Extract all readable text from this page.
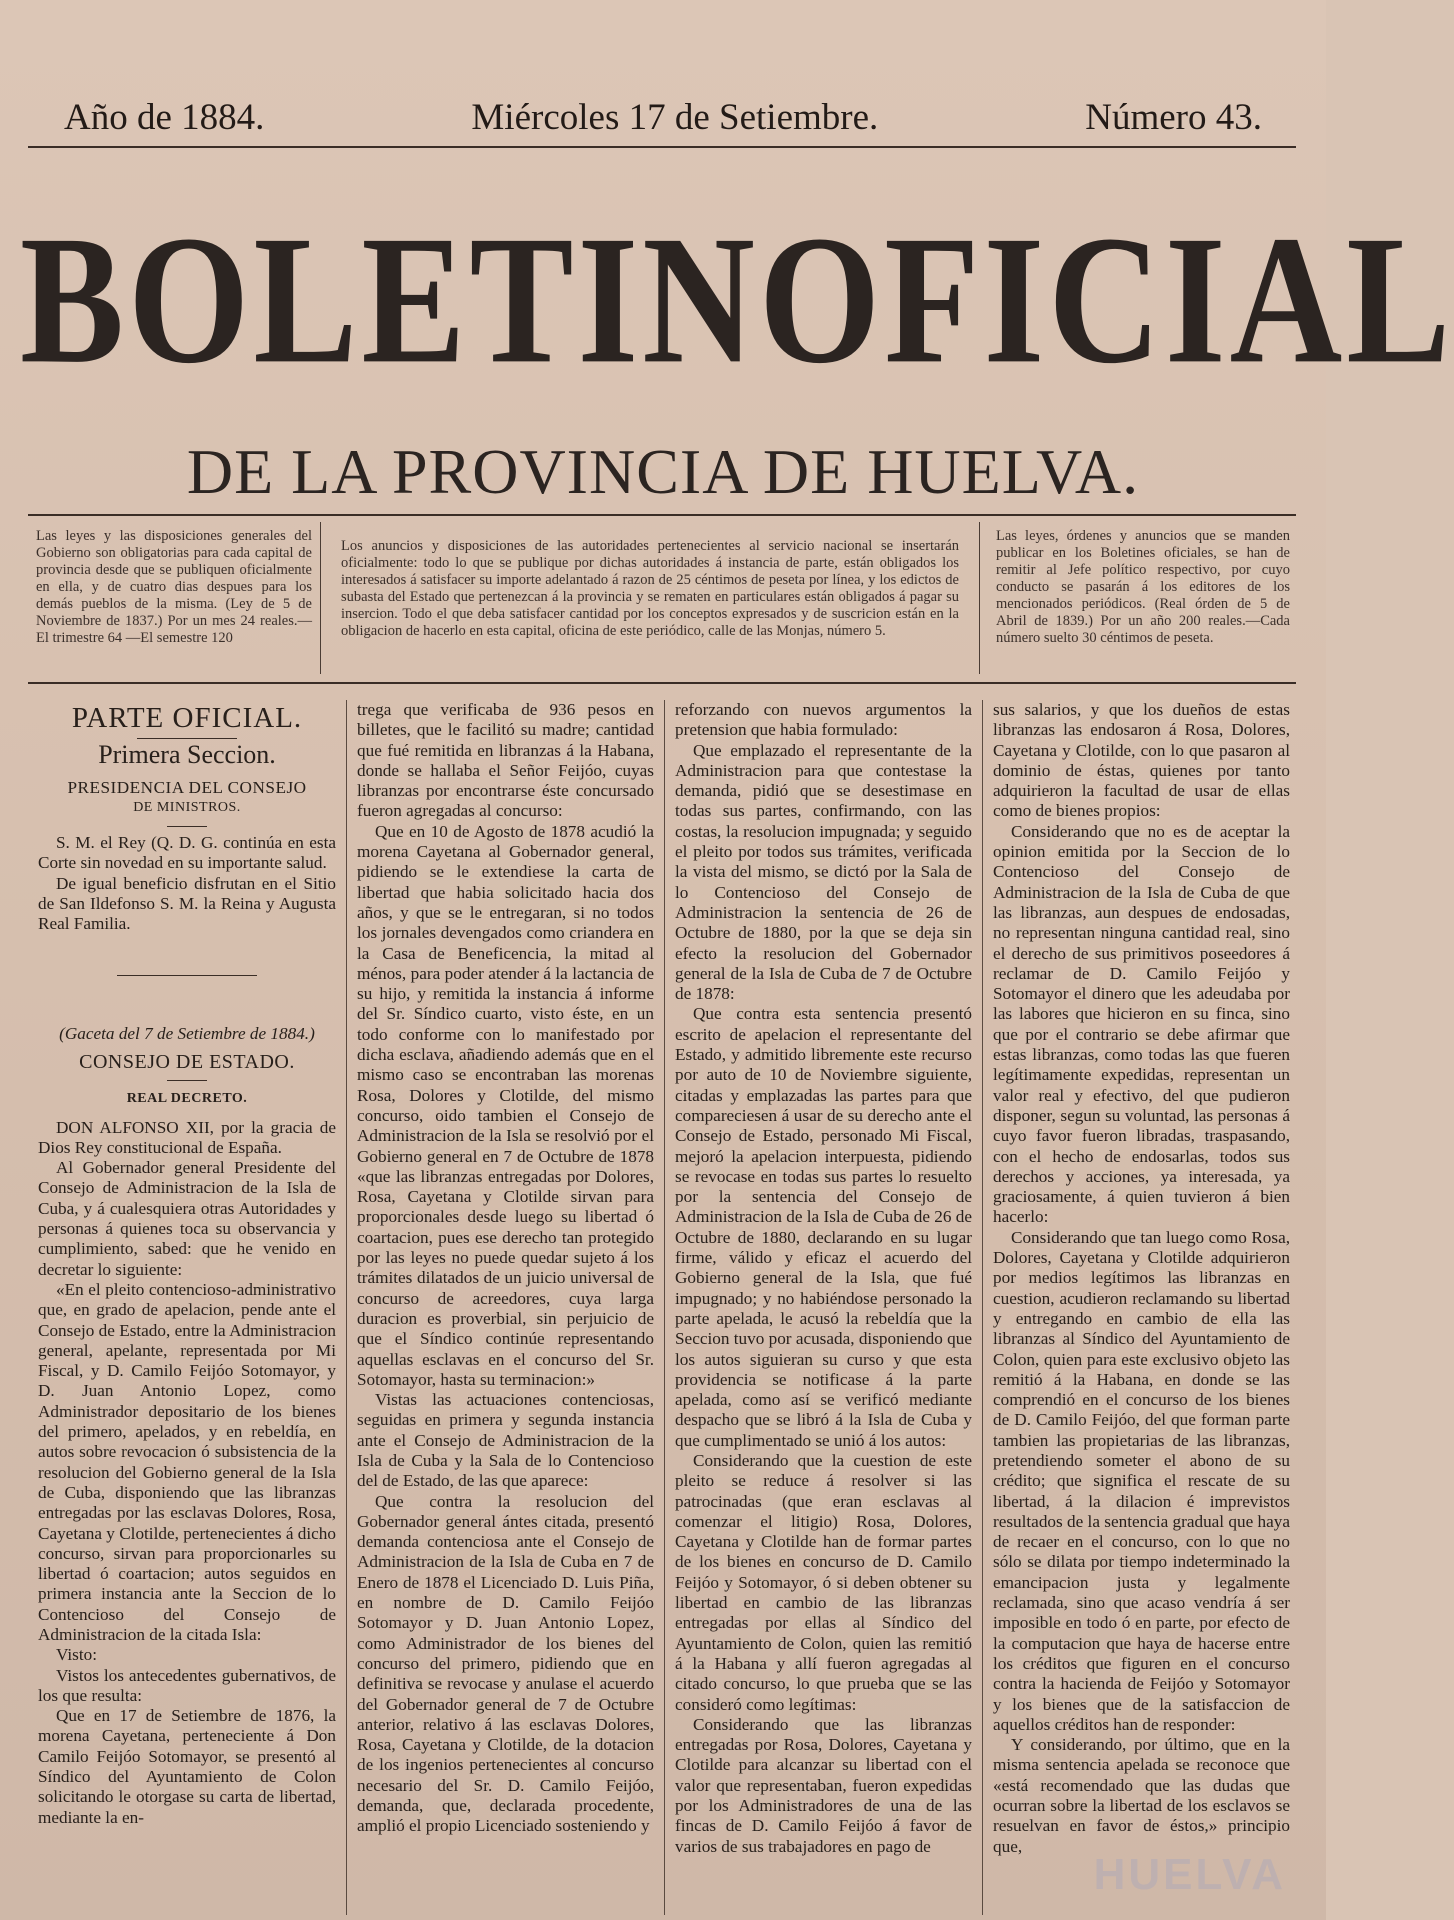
Año de 1884.	Miércoles 17 de Setiembre.	Número 43.
BOLETIN OFICIAL
DE LA PROVINCIA DE HUELVA.
Las leyes y las disposiciones generales del Gobierno son obligatorias para cada capital de provincia desde que se publiquen oficialmente en ella, y de cuatro dias despues para los demás pueblos de la misma. (Ley de 5 de Noviembre de 1837.) Por un mes 24 reales.—El trimestre 64 —El semestre 120
Los anuncios y disposiciones de las autoridades pertenecientes al servicio nacional se insertarán oficialmente: todo lo que se publique por dichas autoridades á instancia de parte, están obligados los interesados á satisfacer su importe adelantado á razon de 25 céntimos de peseta por línea, y los edictos de subasta del Estado que pertenezcan á la provincia y se rematen en particulares están obligados á pagar su insercion. Todo el que deba satisfacer cantidad por los conceptos expresados y de suscricion están en la obligacion de hacerlo en esta capital, oficina de este periódico, calle de las Monjas, número 5.
Las leyes, órdenes y anuncios que se manden publicar en los Boletines oficiales, se han de remitir al Jefe político respectivo, por cuyo conducto se pasarán á los editores de los mencionados periódicos. (Real órden de 5 de Abril de 1839.) Por un año 200 reales.—Cada número suelto 30 céntimos de peseta.
PARTE OFICIAL.
Primera Seccion.
PRESIDENCIA DEL CONSEJO
DE MINISTROS.

S. M. el Rey (Q. D. G. continúa en esta Corte sin novedad en su importante salud.

De igual beneficio disfrutan en el Sitio de San Ildefonso S. M. la Reina y Augusta Real Familia.

(Gaceta del 7 de Setiembre de 1884.)
CONSEJO DE ESTADO.
REAL DECRETO.

DON ALFONSO XII, por la gracia de Dios Rey constitucional de España.

Al Gobernador general Presidente del Consejo de Administracion de la Isla de Cuba, y á cualesquiera otras Autoridades y personas á quienes toca su observancia y cumplimiento, sabed: que he venido en decretar lo siguiente:

«En el pleito contencioso-administrativo que, en grado de apelacion, pende ante el Consejo de Estado, entre la Administracion general, apelante, representada por Mi Fiscal, y D. Camilo Feijóo Sotomayor, y D. Juan Antonio Lopez, como Administrador depositario de los bienes del primero, apelados, y en rebeldía, en autos sobre revocacion ó subsistencia de la resolucion del Gobierno general de la Isla de Cuba, disponiendo que las libranzas entregadas por las esclavas Dolores, Rosa, Cayetana y Clotilde, pertenecientes á dicho concurso, sirvan para proporcionarles su libertad ó coartacion; autos seguidos en primera instancia ante la Seccion de lo Contencioso del Consejo de Administracion de la citada Isla:

Visto:

Vistos los antecedentes gubernativos, de los que resulta:

Que en 17 de Setiembre de 1876, la morena Cayetana, perteneciente á Don Camilo Feijóo Sotomayor, se presentó al Síndico del Ayuntamiento de Colon solicitando le otorgase su carta de libertad, mediante la en-

trega que verificaba de 936 pesos en billetes, que le facilitó su madre; cantidad que fué remitida en libranzas á la Habana, donde se hallaba el Señor Feijóo, cuyas libranzas por encontrarse éste concursado fueron agregadas al concurso:

Que en 10 de Agosto de 1878 acudió la morena Cayetana al Gobernador general, pidiendo se le extendiese la carta de libertad que habia solicitado hacia dos años, y que se le entregaran, si no todos los jornales devengados como criandera en la Casa de Beneficencia, la mitad al ménos, para poder atender á la lactancia de su hijo, y remitida la instancia á informe del Sr. Síndico cuarto, visto éste, en un todo conforme con lo manifestado por dicha esclava, añadiendo además que en el mismo caso se encontraban las morenas Rosa, Dolores y Clotilde, del mismo concurso, oido tambien el Consejo de Administracion de la Isla se resolvió por el Gobierno general en 7 de Octubre de 1878 «que las libranzas entregadas por Dolores, Rosa, Cayetana y Clotilde sirvan para proporcionales desde luego su libertad ó coartacion, pues ese derecho tan protegido por las leyes no puede quedar sujeto á los trámites dilatados de un juicio universal de concurso de acreedores, cuya larga duracion es proverbial, sin perjuicio de que el Síndico continúe representando aquellas esclavas en el concurso del Sr. Sotomayor, hasta su terminacion:»

Vistas las actuaciones contenciosas, seguidas en primera y segunda instancia ante el Consejo de Administracion de la Isla de Cuba y la Sala de lo Contencioso del de Estado, de las que aparece:

Que contra la resolucion del Gobernador general ántes citada, presentó demanda contenciosa ante el Consejo de Administracion de la Isla de Cuba en 7 de Enero de 1878 el Licenciado D. Luis Piña, en nombre de D. Camilo Feijóo Sotomayor y D. Juan Antonio Lopez, como Administrador de los bienes del concurso del primero, pidiendo que en definitiva se revocase y anulase el acuerdo del Gobernador general de 7 de Octubre anterior, relativo á las esclavas Dolores, Rosa, Cayetana y Clotilde, de la dotacion de los ingenios pertenecientes al concurso necesario del Sr. D. Camilo Feijóo, demanda, que, declarada procedente, amplió el propio Licenciado sosteniendo y

reforzando con nuevos argumentos la pretension que habia formulado:

Que emplazado el representante de la Administracion para que contestase la demanda, pidió que se desestimase en todas sus partes, confirmando, con las costas, la resolucion impugnada; y seguido el pleito por todos sus trámites, verificada la vista del mismo, se dictó por la Sala de lo Contencioso del Consejo de Administracion la sentencia de 26 de Octubre de 1880, por la que se deja sin efecto la resolucion del Gobernador general de la Isla de Cuba de 7 de Octubre de 1878:

Que contra esta sentencia presentó escrito de apelacion el representante del Estado, y admitido libremente este recurso por auto de 10 de Noviembre siguiente, citadas y emplazadas las partes para que compareciesen á usar de su derecho ante el Consejo de Estado, personado Mi Fiscal, mejoró la apelacion interpuesta, pidiendo se revocase en todas sus partes lo resuelto por la sentencia del Consejo de Administracion de la Isla de Cuba de 26 de Octubre de 1880, declarando en su lugar firme, válido y eficaz el acuerdo del Gobierno general de la Isla, que fué impugnado; y no habiéndose personado la parte apelada, le acusó la rebeldía que la Seccion tuvo por acusada, disponiendo que los autos siguieran su curso y que esta providencia se notificase á la parte apelada, como así se verificó mediante despacho que se libró á la Isla de Cuba y que cumplimentado se unió á los autos:

Considerando que la cuestion de este pleito se reduce á resolver si las patrocinadas (que eran esclavas al comenzar el litigio) Rosa, Dolores, Cayetana y Clotilde han de formar partes de los bienes en concurso de D. Camilo Feijóo y Sotomayor, ó si deben obtener su libertad en cambio de las libranzas entregadas por ellas al Síndico del Ayuntamiento de Colon, quien las remitió á la Habana y allí fueron agregadas al citado concurso, lo que prueba que se las consideró como legítimas:

Considerando que las libranzas entregadas por Rosa, Dolores, Cayetana y Clotilde para alcanzar su libertad con el valor que representaban, fueron expedidas por los Administradores de una de las fincas de D. Camilo Feijóo á favor de varios de sus trabajadores en pago de

sus salarios, y que los dueños de estas libranzas las endosaron á Rosa, Dolores, Cayetana y Clotilde, con lo que pasaron al dominio de éstas, quienes por tanto adquirieron la facultad de usar de ellas como de bienes propios:

Considerando que no es de aceptar la opinion emitida por la Seccion de lo Contencioso del Consejo de Administracion de la Isla de Cuba de que las libranzas, aun despues de endosadas, no representan ninguna cantidad real, sino el derecho de sus primitivos poseedores á reclamar de D. Camilo Feijóo y Sotomayor el dinero que les adeudaba por las labores que hicieron en su finca, sino que por el contrario se debe afirmar que estas libranzas, como todas las que fueren legítimamente expedidas, representan un valor real y efectivo, del que pudieron disponer, segun su voluntad, las personas á cuyo favor fueron libradas, traspasando, con el hecho de endosarlas, todos sus derechos y acciones, ya interesada, ya graciosamente, á quien tuvieron á bien hacerlo:

Considerando que tan luego como Rosa, Dolores, Cayetana y Clotilde adquirieron por medios legítimos las libranzas en cuestion, acudieron reclamando su libertad y entregando en cambio de ella las libranzas al Síndico del Ayuntamiento de Colon, quien para este exclusivo objeto las remitió á la Habana, en donde se las comprendió en el concurso de los bienes de D. Camilo Feijóo, del que forman parte tambien las propietarias de las libranzas, pretendiendo someter el abono de su crédito; que significa el rescate de su libertad, á la dilacion é imprevistos resultados de la sentencia gradual que haya de recaer en el concurso, con lo que no sólo se dilata por tiempo indeterminado la emancipacion justa y legalmente reclamada, sino que acaso vendría á ser imposible en todo ó en parte, por efecto de la computacion que haya de hacerse entre los créditos que figuren en el concurso contra la hacienda de Feijóo y Sotomayor y los bienes que de la satisfaccion de aquellos créditos han de responder:

Y considerando, por último, que en la misma sentencia apelada se reconoce que «está recomendado que las dudas que ocurran sobre la libertad de los esclavos se resuelvan en favor de éstos,» principio que,

HUELVA
